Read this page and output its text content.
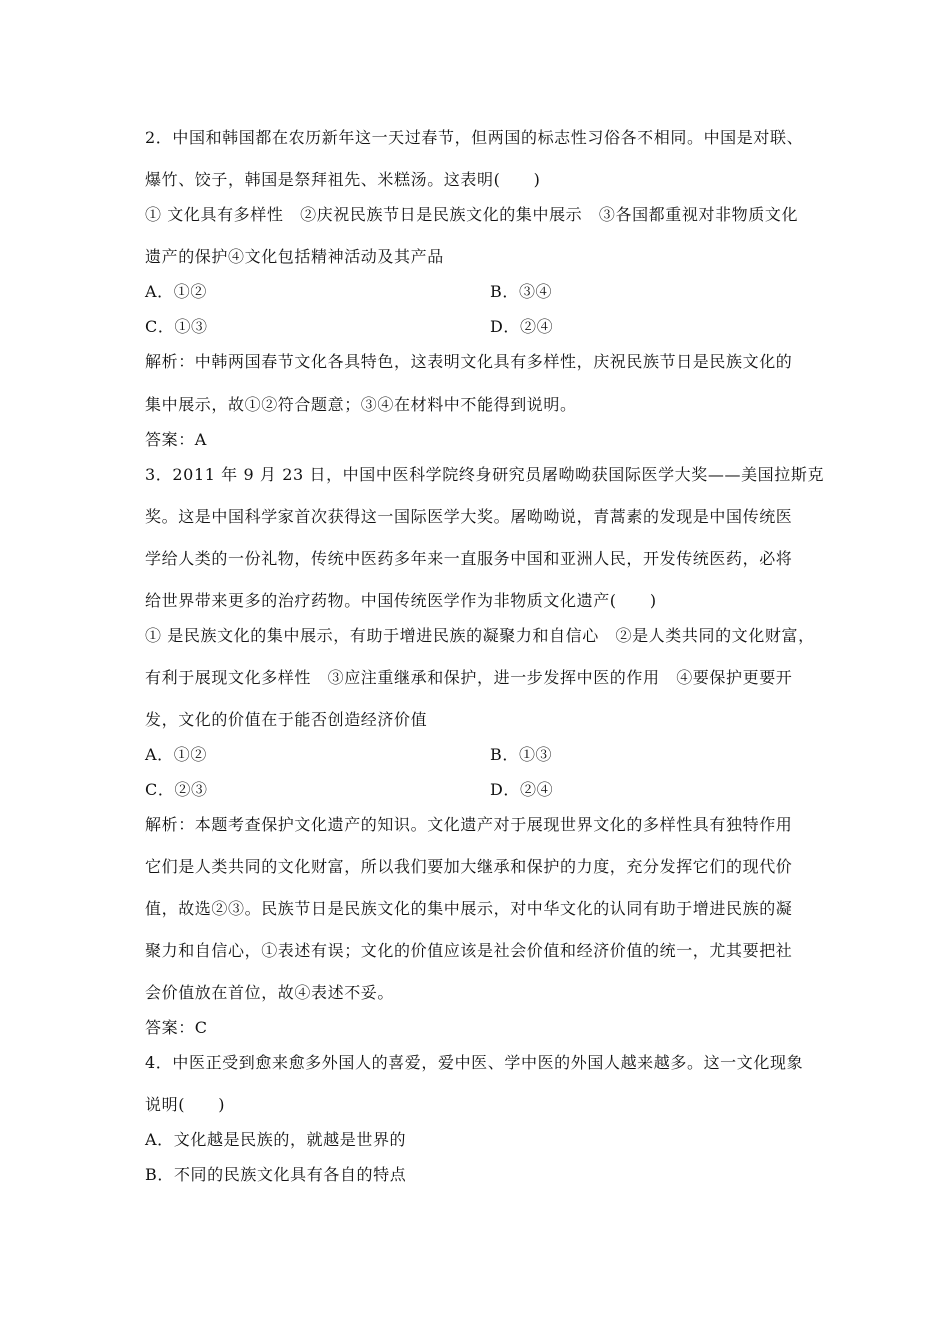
2．中国和韩国都在农历新年这一天过春节，但两国的标志性习俗各不相同。中国是对联、
爆竹、饺子，韩国是祭拜祖先、米糕汤。这表明(　　)
① 文化具有多样性　②庆祝民族节日是民族文化的集中展示　③各国都重视对非物质文化
遗产的保护④文化包括精神活动及其产品
A．①②	B．③④
C．①③	D．②④
解析：中韩两国春节文化各具特色，这表明文化具有多样性，庆祝民族节日是民族文化的
集中展示，故①②符合题意；③④在材料中不能得到说明。
答案：A
3．2011 年 9 月 23 日，中国中医科学院终身研究员屠呦呦获国际医学大奖——美国拉斯克
奖。这是中国科学家首次获得这一国际医学大奖。屠呦呦说，青蒿素的发现是中国传统医
学给人类的一份礼物，传统中医药多年来一直服务中国和亚洲人民，开发传统医药，必将
给世界带来更多的治疗药物。中国传统医学作为非物质文化遗产(　　)
① 是民族文化的集中展示，有助于增进民族的凝聚力和自信心　②是人类共同的文化财富，
有利于展现文化多样性　③应注重继承和保护，进一步发挥中医的作用　④要保护更要开
发，文化的价值在于能否创造经济价值
A．①②	B．①③
C．②③	D．②④
解析：本题考查保护文化遗产的知识。文化遗产对于展现世界文化的多样性具有独特作用
它们是人类共同的文化财富，所以我们要加大继承和保护的力度，充分发挥它们的现代价
值，故选②③。民族节日是民族文化的集中展示，对中华文化的认同有助于增进民族的凝
聚力和自信心，①表述有误；文化的价值应该是社会价值和经济价值的统一，尤其要把社
会价值放在首位，故④表述不妥。
答案：C
4．中医正受到愈来愈多外国人的喜爱，爱中医、学中医的外国人越来越多。这一文化现象
说明(　　)
A．文化越是民族的，就越是世界的
B．不同的民族文化具有各自的特点
